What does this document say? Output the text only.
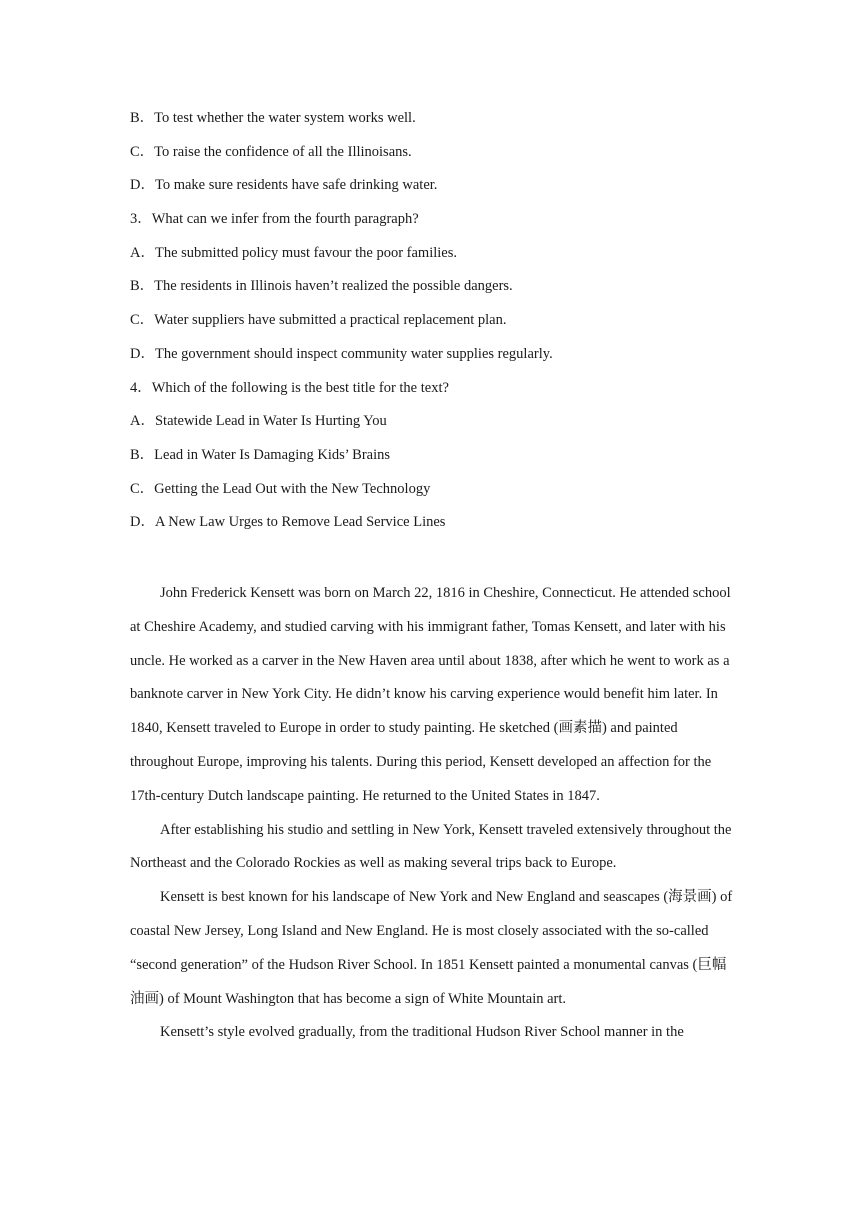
B．To test whether the water system works well.
C．To raise the confidence of all the Illinoisans.
D．To make sure residents have safe drinking water.
3．What can we infer from the fourth paragraph?
A．The submitted policy must favour the poor families.
B．The residents in Illinois haven’t realized the possible dangers.
C．Water suppliers have submitted a practical replacement plan.
D．The government should inspect community water supplies regularly.
4．Which of the following is the best title for the text?
A．Statewide Lead in Water Is Hurting You
B．Lead in Water Is Damaging Kids’ Brains
C．Getting the Lead Out with the New Technology
D．A New Law Urges to Remove Lead Service Lines

John Frederick Kensett was born on March 22, 1816 in Cheshire, Connecticut. He attended school at Cheshire Academy, and studied carving with his immigrant father, Tomas Kensett, and later with his uncle. He worked as a carver in the New Haven area until about 1838, after which he went to work as a banknote carver in New York City. He didn’t know his carving experience would benefit him later. In 1840, Kensett traveled to Europe in order to study painting. He sketched (画素描) and painted throughout Europe, improving his talents. During this period, Kensett developed an affection for the 17th-century Dutch landscape painting. He returned to the United States in 1847.

After establishing his studio and settling in New York, Kensett traveled extensively throughout the Northeast and the Colorado Rockies as well as making several trips back to Europe.

Kensett is best known for his landscape of New York and New England and seascapes (海景画) of coastal New Jersey, Long Island and New England. He is most closely associated with the so-called “second generation” of the Hudson River School. In 1851 Kensett painted a monumental canvas (巨幅油画) of Mount Washington that has become a sign of White Mountain art.

Kensett’s style evolved gradually, from the traditional Hudson River School manner in the
